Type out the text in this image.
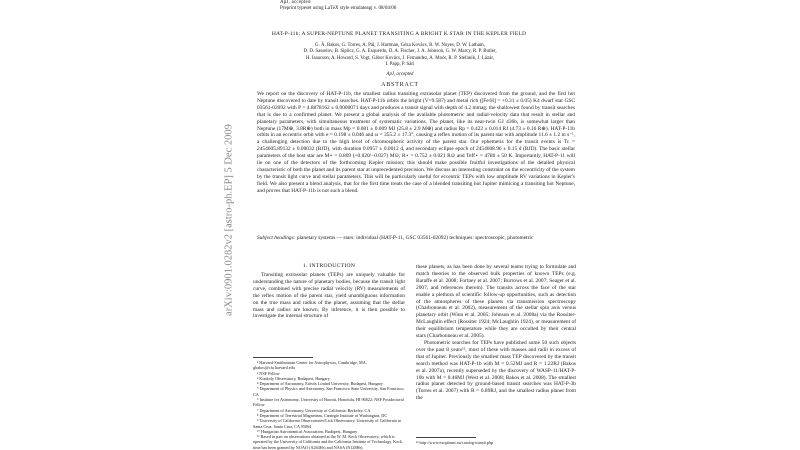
ApJ, accepted
Preprint typeset using LaTeX style emulateapj v. 08/04/06
arXiv:0901.0282v2 [astro-ph.EP] 5 Dec 2009
HAT-P-11b: A SUPER-NEPTUNE PLANET TRANSITING A BRIGHT K STAR IN THE KEPLER FIELD
G. Á. Bakos, G. Torres, A. Pál, J. Hartman, Géza Kovács, R. W. Noyes, D. W. Latham,
D. D. Sasselov, B. Sipőcz, G. A. Esquerdo, D. A. Fischer, J. A. Johnson, G. W. Marcy, R. P. Butler,
H. Isaacson, A. Howard, S. Vogt, Gábor Kovács, J. Fernandez, A. Moór, R. P. Stefanik, J. Lázár,
I. Papp, P. Sári
ApJ, accepted
ABSTRACT
We report on the discovery of HAT-P-11b, the smallest radius transiting extrasolar planet (TEP) discovered from the ground, and the first hot Neptune discovered to date by transit searches. HAT-P-11b orbits the bright (V=9.587) and metal rich ([Fe/H] = +0.31 ± 0.05) K4 dwarf star GSC 03561-02092 with P = 4.8878162 ± 0.0000071 days and produces a transit signal with depth of 4.2 mmag; the shallowest found by transit searches that is due to a confirmed planet. We present a global analysis of the available photometric and radial-velocity data that result in stellar and planetary parameters, with simultaneous treatment of systematic variations. The planet, like its near-twin GJ 436b, is somewhat larger than Neptune (17M⊕, 3.8R⊕) both in mass Mp = 0.081 ± 0.009 MJ (25.8 ± 2.9 M⊕) and radius Rp = 0.422 ± 0.014 RJ (4.73 ± 0.16 R⊕). HAT-P-11b orbits in an eccentric orbit with e = 0.198 ± 0.046 and ω = 355.2 ± 17.3°, causing a reflex motion of its parent star with amplitude 11.6 ± 1.2 m s⁻¹, a challenging detection due to the high level of chromospheric activity of the parent star. Our ephemeris for the transit events is Tc = 2454605.89132 ± 0.00032 (BJD), with duration 0.0957 ± 0.0012 d, and secondary eclipse epoch of 2454608.96 ± 0.15 d (BJD). The basic stellar parameters of the host star are M⋆ = 0.809 (+0.020/−0.027) M⊙, R⋆ = 0.752 ± 0.021 R⊙ and Teff⋆ = 4780 ± 50 K. Importantly, HAT-P-11 will lie on one of the detectors of the forthcoming Kepler mission; this should make possible fruitful investigations of the detailed physical characteristic of both the planet and its parent star at unprecedented precision. We discuss an interesting constraint on the eccentricity of the system by the transit light curve and stellar parameters. This will be particularly useful for eccentric TEPs with low amplitude RV variations in Kepler's field. We also present a blend analysis, that for the first time treats the case of a blended transiting hot Jupiter mimicing a transiting hot Neptune, and proves that HAT-P-11b is not such a blend.
Subject headings: planetary systems — stars: individual (HAT-P-11, GSC 03561-02092) techniques: spectroscopic, photometric
1. INTRODUCTION
Transiting extrasolar planets (TEPs) are uniquely valuable for understanding the nature of planetary bodies, because the transit light curve, combined with precise radial velocity (RV) measurements of the reflex motion of the parent star, yield unambiguous information on the true mass and radius of the planet, assuming that the stellar mass and radius are known. By inference, it is then possible to investigate the internal structure of
¹ Harvard-Smithsonian Center for Astrophysics, Cambridge, MA, gbakos@cfa.harvard.edu
² NSF Fellow
³ Konkoly Observatory, Budapest, Hungary
⁴ Department of Astronomy, Eötvös Loránd University, Budapest, Hungary
⁵ Department of Physics and Astronomy, San Francisco State University, San Francisco, CA
⁶ Institute for Astronomy, University of Hawaii, Honolulu, HI 96822; NSF Postdoctoral Fellow
⁷ Department of Astronomy, University of California, Berkeley, CA
⁸ Department of Terrestrial Magnetism, Carnegie Institute of Washington, DC
⁹ University of California Observatories/Lick Observatory, University of California at Santa Cruz, Santa Cruz, CA 95064
¹⁰ Hungarian Astronomical Association, Budapest, Hungary
¹¹ Based in part on observations obtained at the W. M. Keck Observatory, which is operated by the University of California and the California Institute of Technology. Keck time has been granted by NOAO (A264Hr) and NASA (N128Hr).
these planets, as has been done by several teams trying to formulate and match theories to the observed bulk properties of known TEPs (e.g. Baraffe et al. 2008; Fortney et al. 2007; Burrows et al. 2007; Seager et al. 2007, and references therein). The transits across the face of the star enable a plethora of scientific follow-up opportunities, such as detection of the atmospheres of these planets via transmission spectroscopy (Charbonneau et al. 2002), measurement of the stellar spin axis versus planetary orbit (Winn et al. 2005; Johnson et al. 2008a) via the Rossiter-McLaughlin effect (Rossiter 1924; McLaughlin 1924), or measurement of their equilibrium temperature while they are occulted by their central stars (Charbonneau et al. 2005).
Photometric searches for TEPs have published some 50 such objects over the past 8 years¹², most of these with masses and radii in excess of that of Jupiter. Previously the smallest mass TEP discovered by the transit search method was HAT-P-1b with M = 0.52MJ and R = 1.22RJ (Bakos et al. 2007a), recently superseded by the discovery of WASP-11/HAT-P-10b with M = 0.46MJ (West et al. 2008; Bakos et al. 2008). The smallest radius planet detected by ground-based transit searches was HAT-P-3b (Torres et al. 2007) with R = 0.89RJ, and the smallest radius planet from the
¹² http://www.exoplanet.eu/catalog-transit.php
